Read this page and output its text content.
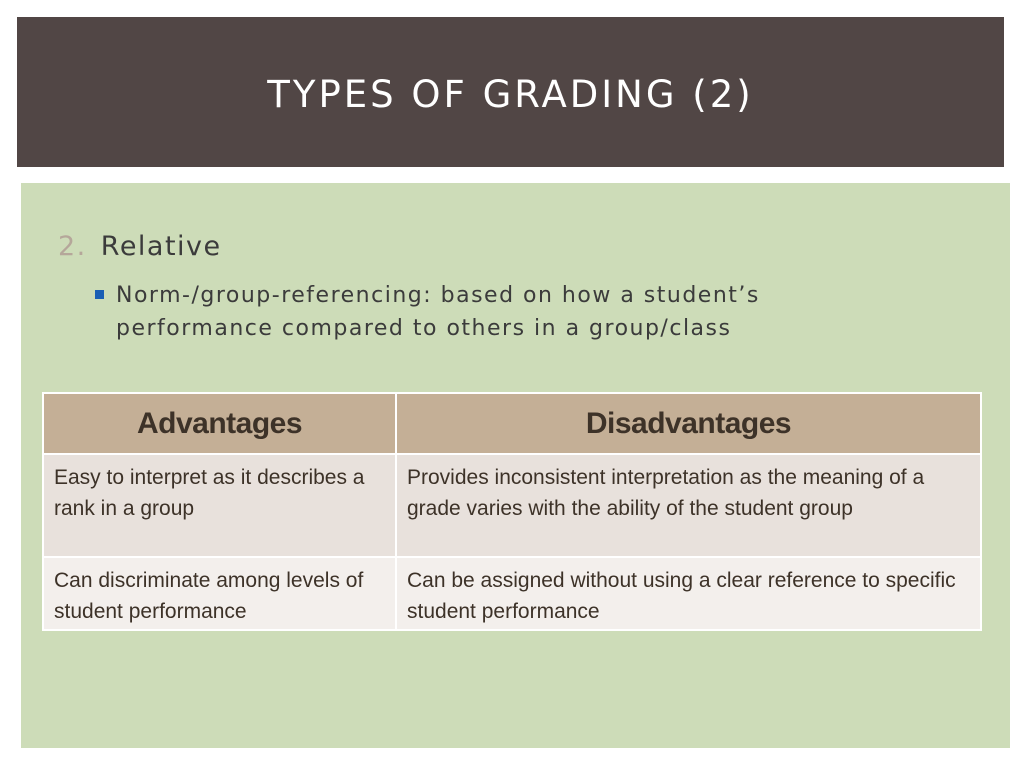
TYPES OF GRADING (2)
2. Relative
Norm-/group-referencing: based on how a student’s performance compared to others in a group/class
Advantages	Disadvantages
Easy to interpret as it describes a rank in a group	Provides inconsistent interpretation as the meaning of a grade varies with the ability of the student group
Can discriminate among levels of student performance	Can be assigned without using a clear reference to specific student performance
